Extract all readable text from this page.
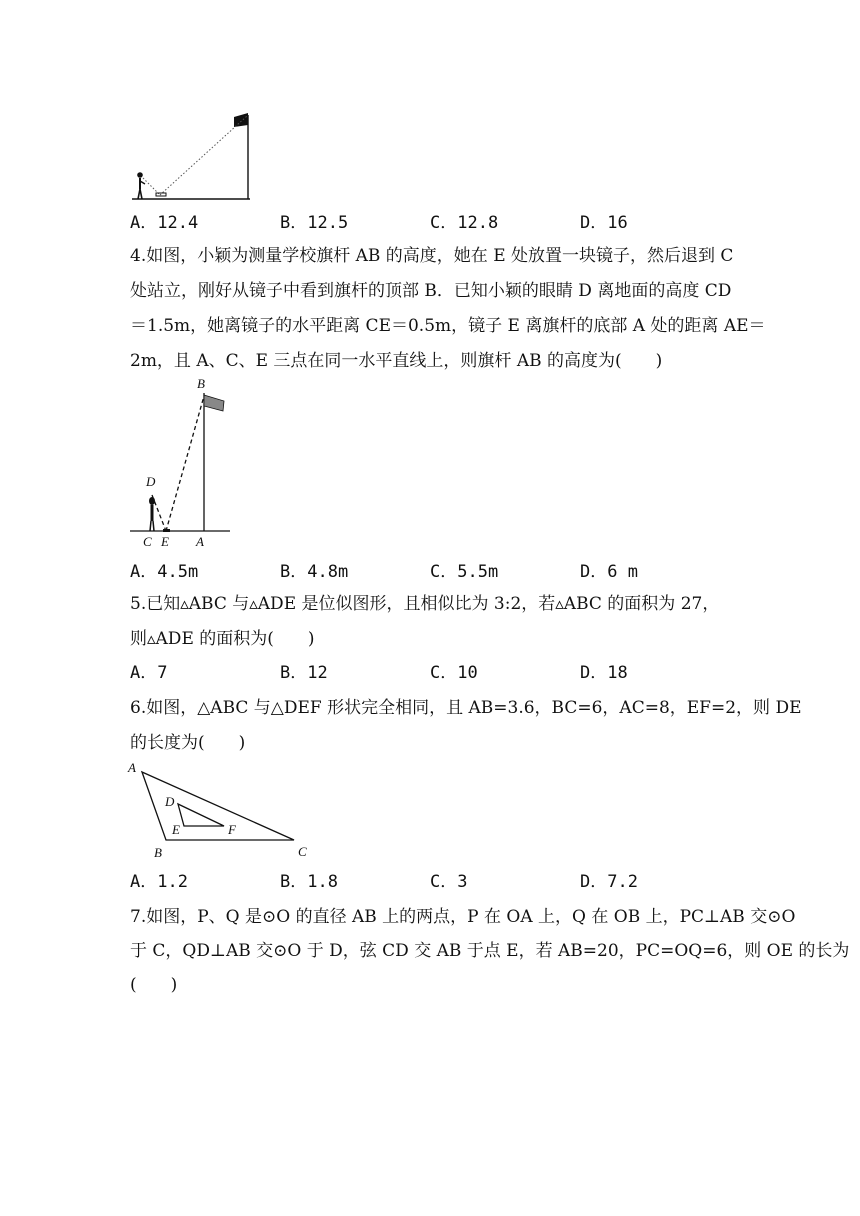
A．12.4	B．12.5	C．12.8	D．16
4.如图，小颖为测量学校旗杆 AB 的高度，她在 E 处放置一块镜子，然后退到 C
处站立，刚好从镜子中看到旗杆的顶部 B．已知小颖的眼睛 D 离地面的高度 CD
＝1.5m，她离镜子的水平距离 CE＝0.5m，镜子 E 离旗杆的底部 A 处的距离 AE＝
2m，且 A、C、E 三点在同一水平直线上，则旗杆 AB 的高度为(　　)
B
D
C E A
A．4.5m	B．4.8m	C．5.5m	D．6 m
5.已知▵ABC 与▵ADE 是位似图形，且相似比为 3:2，若▵ABC 的面积为 27，
则▵ADE 的面积为(　　)
A．7	B．12	C．10	D．18
6.如图，△ABC 与△DEF 形状完全相同，且 AB=3.6，BC=6，AC=8，EF=2，则 DE
的长度为(　　)
A
B	C
D
E	F
A．1.2	B．1.8	C．3	D．7.2
7.如图，P、Q 是⊙O 的直径 AB 上的两点，P 在 OA 上，Q 在 OB 上，PC⊥AB 交⊙O
于 C，QD⊥AB 交⊙O 于 D，弦 CD 交 AB 于点 E，若 AB=20，PC=OQ=6，则 OE 的长为
(　　)
